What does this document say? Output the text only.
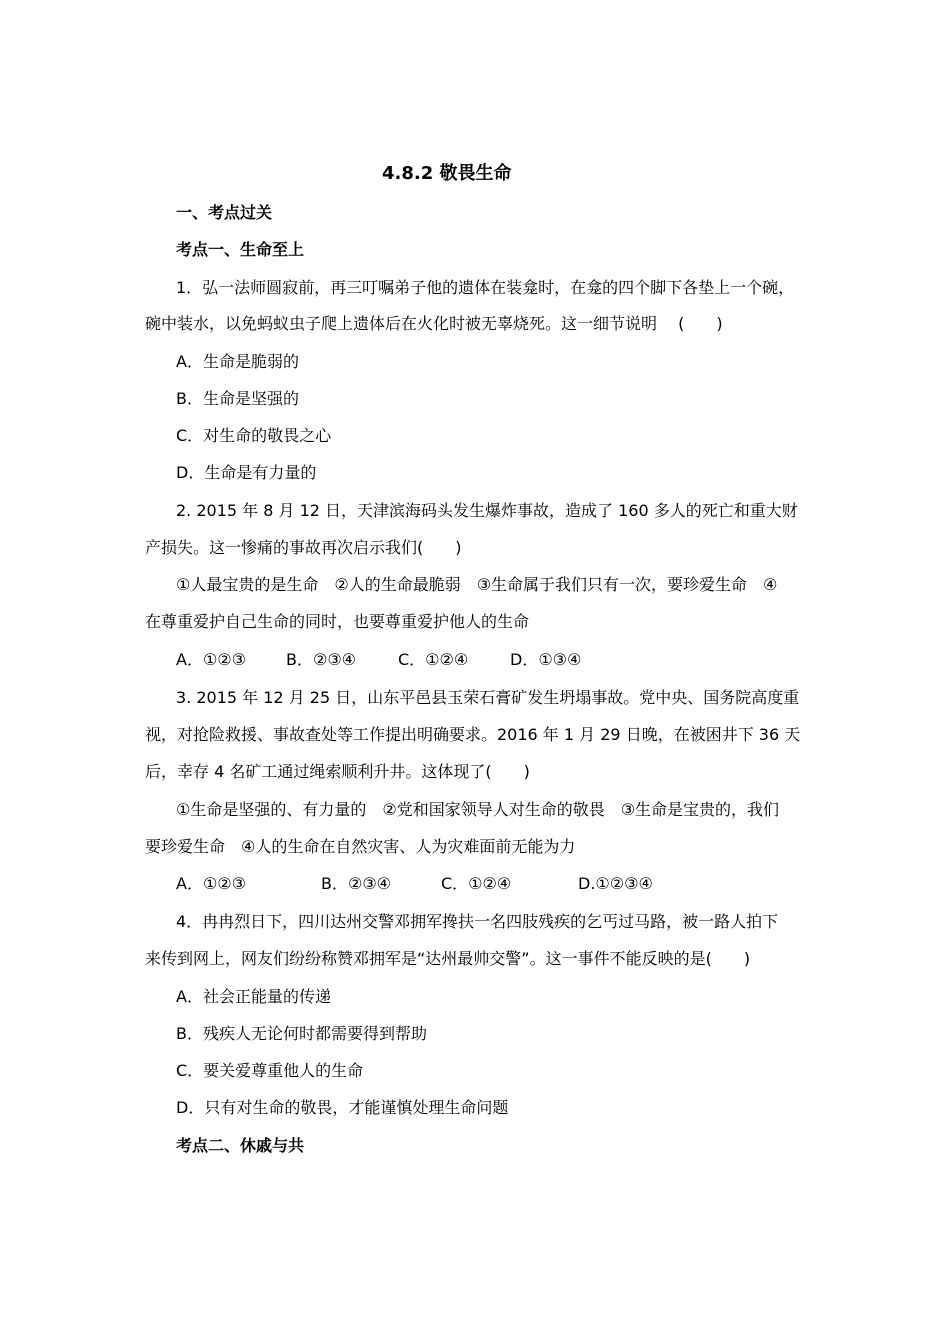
4.8.2 敬畏生命
一、考点过关
考点一、生命至上
1．弘一法师圆寂前，再三叮嘱弟子他的遗体在装龛时，在龛的四个脚下各垫上一个碗，
碗中装水，以免蚂蚁虫子爬上遗体后在火化时被无辜烧死。这一细节说明　 (　　)
A．生命是脆弱的
B．生命是坚强的
C．对生命的敬畏之心
D．生命是有力量的
2. 2015 年 8 月 12 日，天津滨海码头发生爆炸事故，造成了 160 多人的死亡和重大财
产损失。这一惨痛的事故再次启示我们(　　)
①人最宝贵的是生命　②人的生命最脆弱　③生命属于我们只有一次，要珍爱生命　④
在尊重爱护自己生命的同时，也要尊重爱护他人的生命
A．①②③	B．②③④	C．①②④	D．①③④
3. 2015 年 12 月 25 日，山东平邑县玉荣石膏矿发生坍塌事故。党中央、国务院高度重
视，对抢险救援、事故查处等工作提出明确要求。2016 年 1 月 29 日晚，在被困井下 36 天
后，幸存 4 名矿工通过绳索顺利升井。这体现了(　　)
①生命是坚强的、有力量的　②党和国家领导人对生命的敬畏　③生命是宝贵的，我们
要珍爱生命　④人的生命在自然灾害、人为灾难面前无能为力
A．①②③	B．②③④	C．①②④	D.①②③④
4．冉冉烈日下，四川达州交警邓拥军搀扶一名四肢残疾的乞丐过马路，被一路人拍下
来传到网上，网友们纷纷称赞邓拥军是“达州最帅交警”。这一事件不能反映的是(　　)
A．社会正能量的传递
B．残疾人无论何时都需要得到帮助
C．要关爱尊重他人的生命
D．只有对生命的敬畏，才能谨慎处理生命问题
考点二、休戚与共
